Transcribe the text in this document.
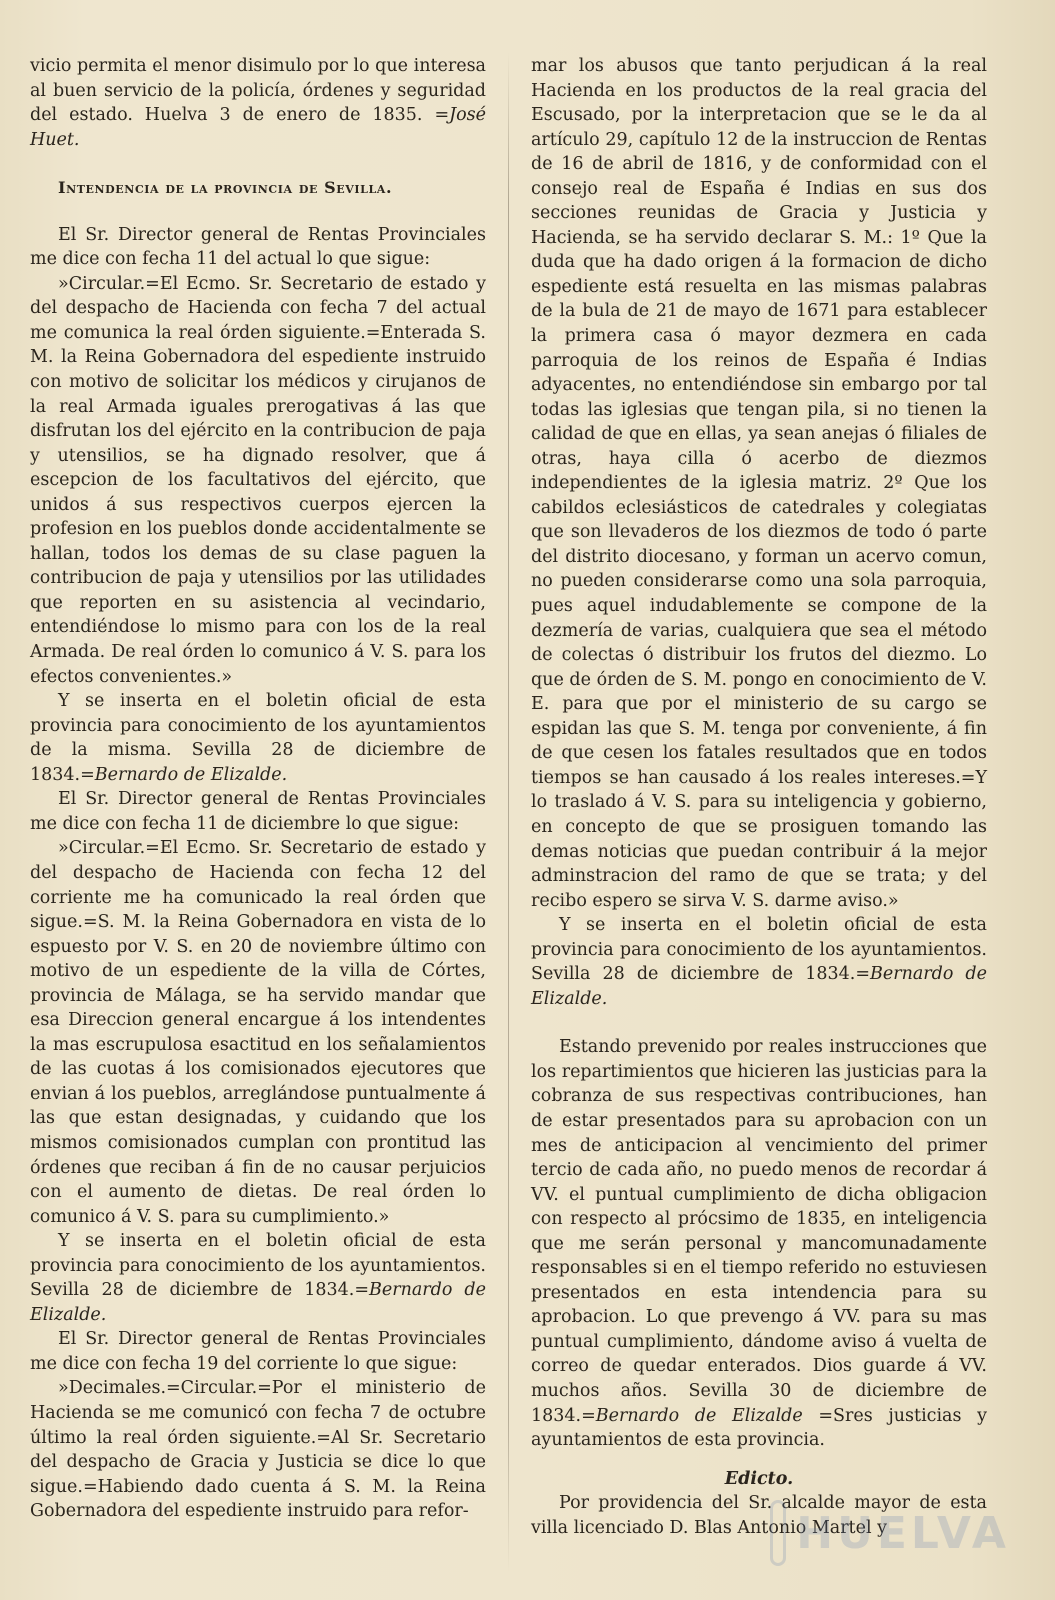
vicio permita el menor disimulo por lo que interesa al buen servicio de la policía, órdenes y seguridad del estado. Huelva 3 de enero de 1835. =José Huet.

Intendencia de la provincia de Sevilla.

El Sr. Director general de Rentas Provinciales me dice con fecha 11 del actual lo que sigue:

»Circular.=El Ecmo. Sr. Secretario de estado y del despacho de Hacienda con fecha 7 del actual me comunica la real órden siguiente.=Enterada S. M. la Reina Gobernadora del espediente instruido con motivo de solicitar los médicos y cirujanos de la real Armada iguales prerogativas á las que disfrutan los del ejército en la contribucion de paja y utensilios, se ha dignado resolver, que á escepcion de los facultativos del ejército, que unidos á sus respectivos cuerpos ejercen la profesion en los pueblos donde accidentalmente se hallan, todos los demas de su clase paguen la contribucion de paja y utensilios por las utilidades que reporten en su asistencia al vecindario, entendiéndose lo mismo para con los de la real Armada. De real órden lo comunico á V. S. para los efectos convenientes.»

Y se inserta en el boletin oficial de esta provincia para conocimiento de los ayuntamientos de la misma. Sevilla 28 de diciembre de 1834.=Bernardo de Elizalde.

El Sr. Director general de Rentas Provinciales me dice con fecha 11 de diciembre lo que sigue:

»Circular.=El Ecmo. Sr. Secretario de estado y del despacho de Hacienda con fecha 12 del corriente me ha comunicado la real órden que sigue.=S. M. la Reina Gobernadora en vista de lo espuesto por V. S. en 20 de noviembre último con motivo de un espediente de la villa de Córtes, provincia de Málaga, se ha servido mandar que esa Direccion general encargue á los intendentes la mas escrupulosa esactitud en los señalamientos de las cuotas á los comisionados ejecutores que envian á los pueblos, arreglándose puntualmente á las que estan designadas, y cuidando que los mismos comisionados cumplan con prontitud las órdenes que reciban á fin de no causar perjuicios con el aumento de dietas. De real órden lo comunico á V. S. para su cumplimiento.»

Y se inserta en el boletin oficial de esta provincia para conocimiento de los ayuntamientos. Sevilla 28 de diciembre de 1834.=Bernardo de Elizalde.

El Sr. Director general de Rentas Provinciales me dice con fecha 19 del corriente lo que sigue:

»Decimales.=Circular.=Por el ministerio de Hacienda se me comunicó con fecha 7 de octubre último la real órden siguiente.=Al Sr. Secretario del despacho de Gracia y Justicia se dice lo que sigue.=Habiendo dado cuenta á S. M. la Reina Gobernadora del espediente instruido para refor-

mar los abusos que tanto perjudican á la real Hacienda en los productos de la real gracia del Escusado, por la interpretacion que se le da al artículo 29, capítulo 12 de la instruccion de Rentas de 16 de abril de 1816, y de conformidad con el consejo real de España é Indias en sus dos secciones reunidas de Gracia y Justicia y Hacienda, se ha servido declarar S. M.: 1º Que la duda que ha dado origen á la formacion de dicho espediente está resuelta en las mismas palabras de la bula de 21 de mayo de 1671 para establecer la primera casa ó mayor dezmera en cada parroquia de los reinos de España é Indias adyacentes, no entendiéndose sin embargo por tal todas las iglesias que tengan pila, si no tienen la calidad de que en ellas, ya sean anejas ó filiales de otras, haya cilla ó acerbo de diezmos independientes de la iglesia matriz. 2º Que los cabildos eclesiásticos de catedrales y colegiatas que son llevaderos de los diezmos de todo ó parte del distrito diocesano, y forman un acervo comun, no pueden considerarse como una sola parroquia, pues aquel indudablemente se compone de la dezmería de varias, cualquiera que sea el método de colectas ó distribuir los frutos del diezmo. Lo que de órden de S. M. pongo en conocimiento de V. E. para que por el ministerio de su cargo se espidan las que S. M. tenga por conveniente, á fin de que cesen los fatales resultados que en todos tiempos se han causado á los reales intereses.=Y lo traslado á V. S. para su inteligencia y gobierno, en concepto de que se prosiguen tomando las demas noticias que puedan contribuir á la mejor adminstracion del ramo de que se trata; y del recibo espero se sirva V. S. darme aviso.»

Y se inserta en el boletin oficial de esta provincia para conocimiento de los ayuntamientos. Sevilla 28 de diciembre de 1834.=Bernardo de Elizalde.

Estando prevenido por reales instrucciones que los repartimientos que hicieren las justicias para la cobranza de sus respectivas contribuciones, han de estar presentados para su aprobacion con un mes de anticipacion al vencimiento del primer tercio de cada año, no puedo menos de recordar á VV. el puntual cumplimiento de dicha obligacion con respecto al prócsimo de 1835, en inteligencia que me serán personal y mancomunadamente responsables si en el tiempo referido no estuviesen presentados en esta intendencia para su aprobacion. Lo que prevengo á VV. para su mas puntual cumplimiento, dándome aviso á vuelta de correo de quedar enterados. Dios guarde á VV. muchos años. Sevilla 30 de diciembre de 1834.=Bernardo de Elizalde =Sres justicias y ayuntamientos de esta provincia.

Edicto.

Por providencia del Sr. alcalde mayor de esta villa licenciado D. Blas Antonio Martel y

HUELVA
